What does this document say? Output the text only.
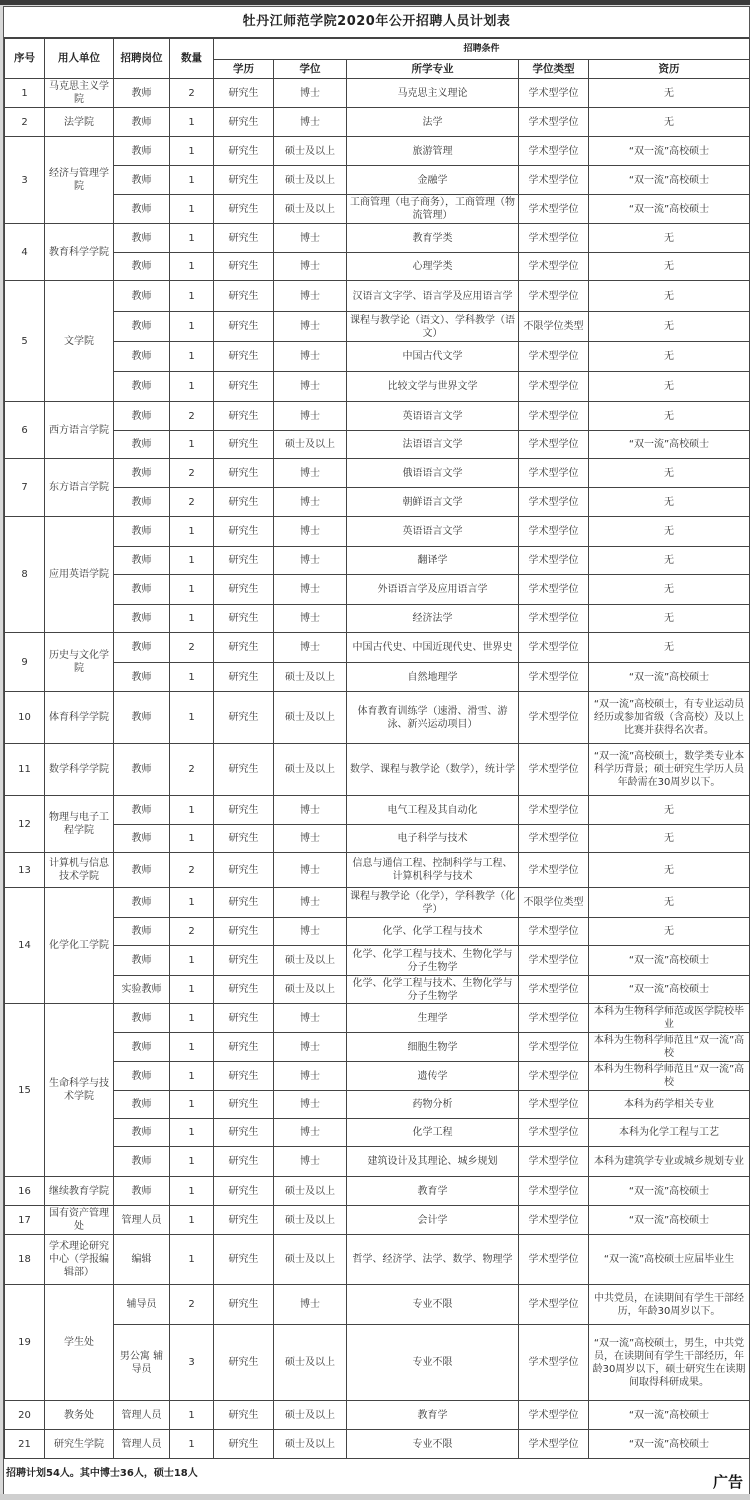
牡丹江师范学院2020年公开招聘人员计划表
序号	用人单位	招聘岗位	数量	招聘条件				
				学历	学位	所学专业	学位类型	资历
1	马克思主义学院	教师	2	研究生	博士	马克思主义理论	学术型学位	无
2	法学院	教师	1	研究生	博士	法学	学术型学位	无
3	经济与管理学院	教师	1	研究生	硕士及以上	旅游管理	学术型学位	“双一流”高校硕士
		教师	1	研究生	硕士及以上	金融学	学术型学位	“双一流”高校硕士
		教师	1	研究生	硕士及以上	工商管理（电子商务），工商管理（物流管理）	学术型学位	“双一流”高校硕士
4	教育科学学院	教师	1	研究生	博士	教育学类	学术型学位	无
		教师	1	研究生	博士	心理学类	学术型学位	无
5	文学院	教师	1	研究生	博士	汉语言文字学、语言学及应用语言学	学术型学位	无
		教师	1	研究生	博士	课程与教学论（语文）、学科教学（语文）	不限学位类型	无
		教师	1	研究生	博士	中国古代文学	学术型学位	无
		教师	1	研究生	博士	比较文学与世界文学	学术型学位	无
6	西方语言学院	教师	2	研究生	博士	英语语言文学	学术型学位	无
		教师	1	研究生	硕士及以上	法语语言文学	学术型学位	“双一流”高校硕士
7	东方语言学院	教师	2	研究生	博士	俄语语言文学	学术型学位	无
		教师	2	研究生	博士	朝鲜语言文学	学术型学位	无
8	应用英语学院	教师	1	研究生	博士	英语语言文学	学术型学位	无
		教师	1	研究生	博士	翻译学	学术型学位	无
		教师	1	研究生	博士	外语语言学及应用语言学	学术型学位	无
		教师	1	研究生	博士	经济法学	学术型学位	无
9	历史与文化学院	教师	2	研究生	博士	中国古代史、中国近现代史、世界史	学术型学位	无
		教师	1	研究生	硕士及以上	自然地理学	学术型学位	“双一流”高校硕士
10	体育科学学院	教师	1	研究生	硕士及以上	体育教育训练学（速滑、滑雪、游泳、新兴运动项目）	学术型学位	“双一流”高校硕士，有专业运动员经历或参加省级（含高校）及以上比赛并获得名次者。
11	数学科学学院	教师	2	研究生	硕士及以上	数学、课程与教学论（数学），统计学	学术型学位	“双一流”高校硕士，数学类专业本科学历背景；硕士研究生学历人员年龄需在30周岁以下。
12	物理与电子工程学院	教师	1	研究生	博士	电气工程及其自动化	学术型学位	无
		教师	1	研究生	博士	电子科学与技术	学术型学位	无
13	计算机与信息技术学院	教师	2	研究生	博士	信息与通信工程、控制科学与工程、计算机科学与技术	学术型学位	无
14	化学化工学院	教师	1	研究生	博士	课程与教学论（化学），学科教学（化学）	不限学位类型	无
		教师	2	研究生	博士	化学、化学工程与技术	学术型学位	无
		教师	1	研究生	硕士及以上	化学、化学工程与技术、生物化学与分子生物学	学术型学位	“双一流”高校硕士
		实验教师	1	研究生	硕士及以上	化学、化学工程与技术、生物化学与分子生物学	学术型学位	“双一流”高校硕士
15	生命科学与技术学院	教师	1	研究生	博士	生理学	学术型学位	本科为生物科学师范或医学院校毕业
		教师	1	研究生	博士	细胞生物学	学术型学位	本科为生物科学师范且“双一流”高校
		教师	1	研究生	博士	遗传学	学术型学位	本科为生物科学师范且“双一流”高校
		教师	1	研究生	博士	药物分析	学术型学位	本科为药学相关专业
		教师	1	研究生	博士	化学工程	学术型学位	本科为化学工程与工艺
		教师	1	研究生	博士	建筑设计及其理论、城乡规划	学术型学位	本科为建筑学专业或城乡规划专业
16	继续教育学院	教师	1	研究生	硕士及以上	教育学	学术型学位	“双一流”高校硕士
17	国有资产管理处	管理人员	1	研究生	硕士及以上	会计学	学术型学位	“双一流”高校硕士
18	学术理论研究中心（学报编辑部）	编辑	1	研究生	硕士及以上	哲学、经济学、法学、数学、物理学	学术型学位	“双一流”高校硕士应届毕业生
19	学生处	辅导员	2	研究生	博士	专业不限	学术型学位	中共党员，在读期间有学生干部经历，年龄30周岁以下。
		男公寓 辅导员	3	研究生	硕士及以上	专业不限	学术型学位	“双一流”高校硕士，男生，中共党员，在读期间有学生干部经历，年龄30周岁以下，硕士研究生在读期间取得科研成果。
20	教务处	管理人员	1	研究生	硕士及以上	教育学	学术型学位	“双一流”高校硕士
21	研究生学院	管理人员	1	研究生	硕士及以上	专业不限	学术型学位	“双一流”高校硕士
招聘计划54人。其中博士36人，硕士18人	广告
